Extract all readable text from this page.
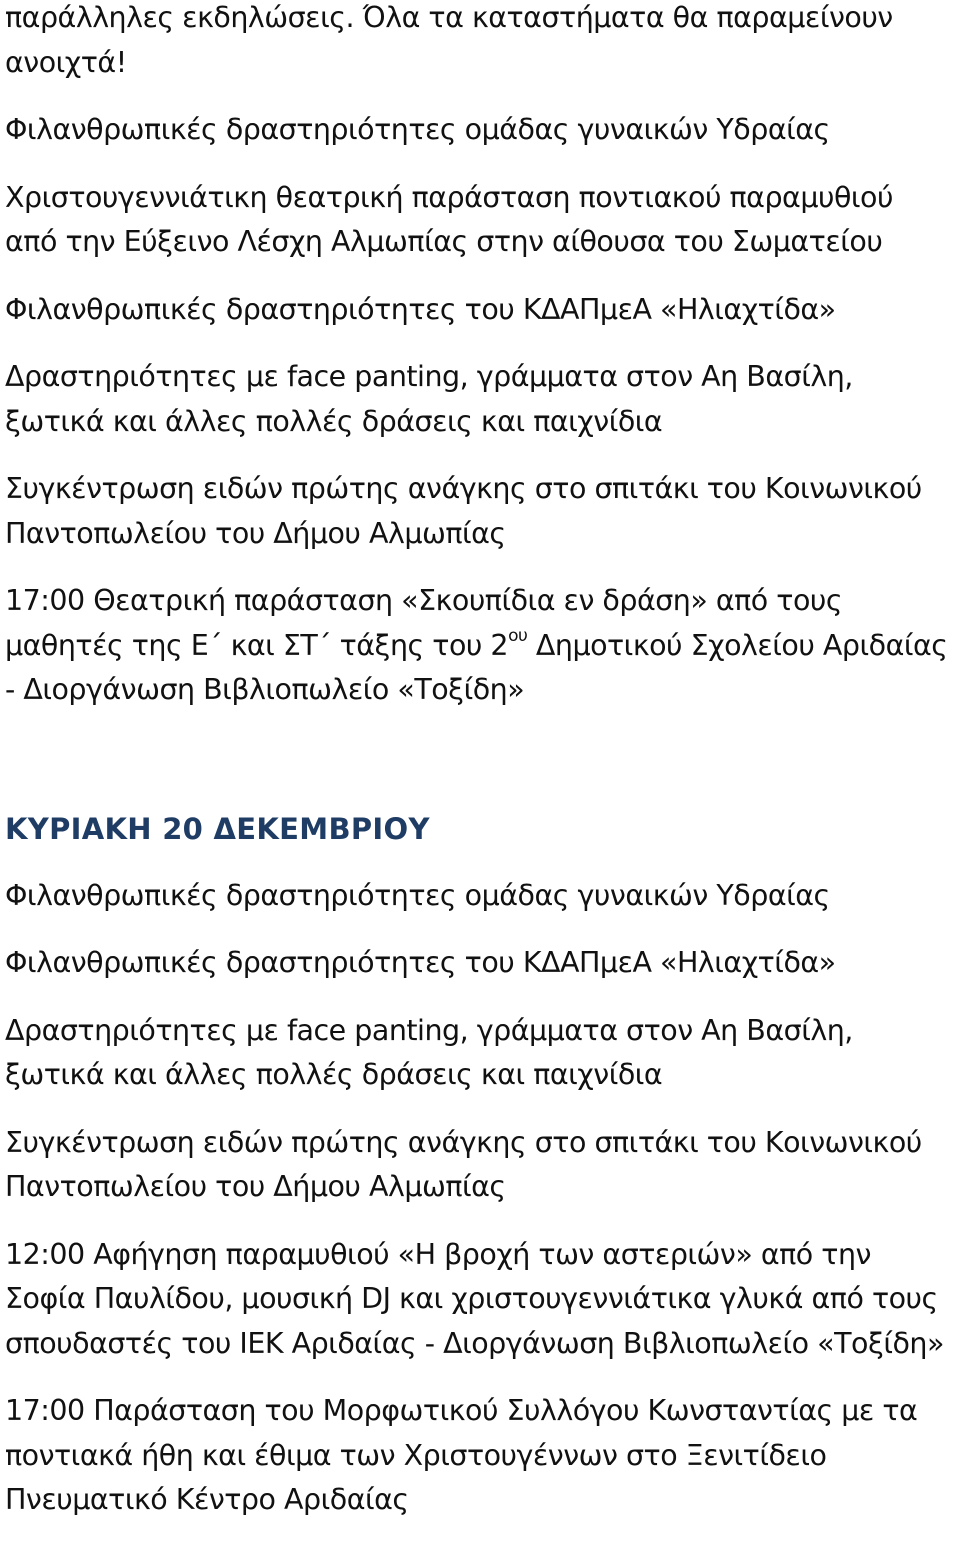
παράλληλες εκδηλώσεις. Όλα τα καταστήματα θα παραμείνουν
ανοιχτά!

Φιλανθρωπικές δραστηριότητες ομάδας γυναικών Υδραίας

Χριστουγεννιάτικη θεατρική παράσταση ποντιακού παραμυθιού
από την Εύξεινο Λέσχη Αλμωπίας στην αίθουσα του Σωματείου

Φιλανθρωπικές δραστηριότητες του ΚΔΑΠμεΑ «Ηλιαχτίδα»

Δραστηριότητες με face panting, γράμματα στον Αη Βασίλη,
ξωτικά και άλλες πολλές δράσεις και παιχνίδια

Συγκέντρωση ειδών πρώτης ανάγκης στο σπιτάκι του Κοινωνικού
Παντοπωλείου του Δήμου Αλμωπίας

17:00 Θεατρική παράσταση «Σκουπίδια εν δράση» από τους
μαθητές της Ε΄ και ΣΤ΄ τάξης του $2^{o\upsilon}$ Δημοτικού Σχολείου Αριδαίας
- Διοργάνωση Βιβλιοπωλείο «Τοξίδη»

ΚΥΡΙΑΚΗ 20 ΔΕΚΕΜΒΡΙΟΥ

Φιλανθρωπικές δραστηριότητες ομάδας γυναικών Υδραίας

Φιλανθρωπικές δραστηριότητες του ΚΔΑΠμεΑ «Ηλιαχτίδα»

Δραστηριότητες με face panting, γράμματα στον Αη Βασίλη,
ξωτικά και άλλες πολλές δράσεις και παιχνίδια

Συγκέντρωση ειδών πρώτης ανάγκης στο σπιτάκι του Κοινωνικού
Παντοπωλείου του Δήμου Αλμωπίας

12:00 Αφήγηση παραμυθιού «Η βροχή των αστεριών» από την
Σοφία Παυλίδου, μουσική DJ και χριστουγεννιάτικα γλυκά από τους
σπουδαστές του ΙΕΚ Αριδαίας - Διοργάνωση Βιβλιοπωλείο «Τοξίδη»

17:00 Παράσταση του Μορφωτικού Συλλόγου Κωνσταντίας με τα
ποντιακά ήθη και έθιμα των Χριστουγέννων στο Ξενιτίδειο
Πνευματικό Κέντρο Αριδαίας
